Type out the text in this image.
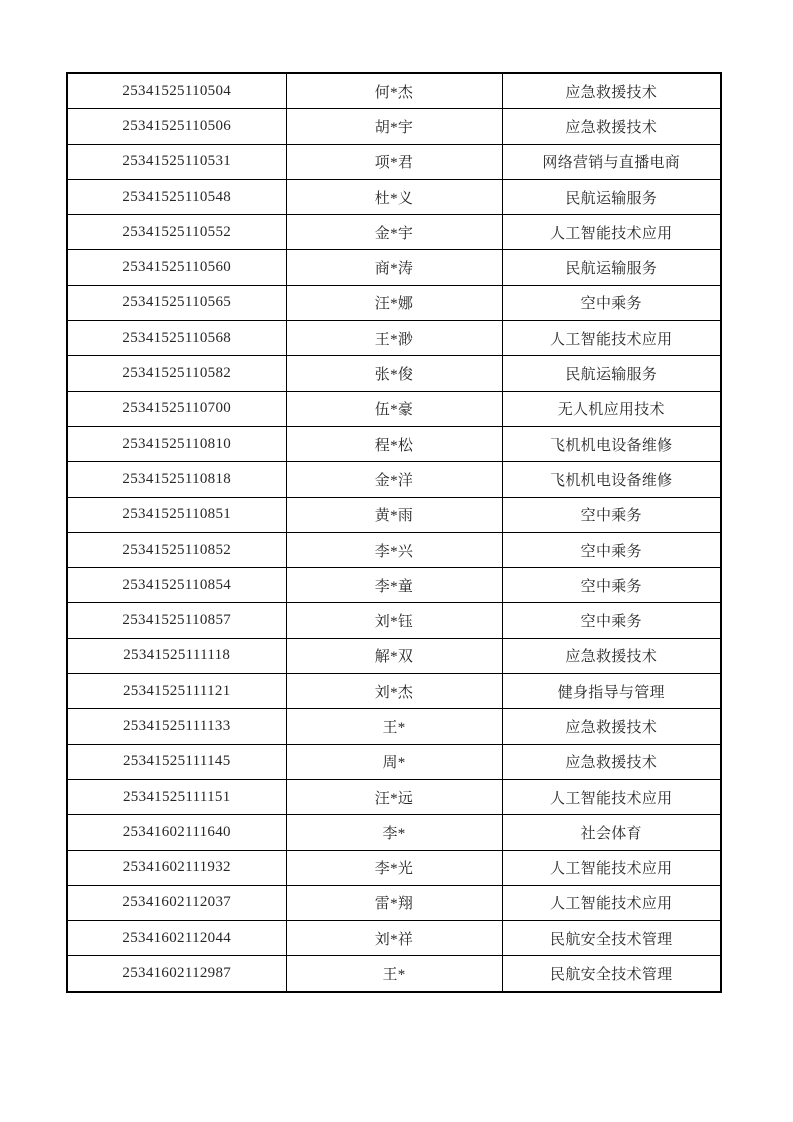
25341525110504	何*杰	应急救援技术
25341525110506	胡*宇	应急救援技术
25341525110531	项*君	网络营销与直播电商
25341525110548	杜*义	民航运输服务
25341525110552	金*宇	人工智能技术应用
25341525110560	商*涛	民航运输服务
25341525110565	汪*娜	空中乘务
25341525110568	王*渺	人工智能技术应用
25341525110582	张*俊	民航运输服务
25341525110700	伍*豪	无人机应用技术
25341525110810	程*松	飞机机电设备维修
25341525110818	金*洋	飞机机电设备维修
25341525110851	黄*雨	空中乘务
25341525110852	李*兴	空中乘务
25341525110854	李*童	空中乘务
25341525110857	刘*钰	空中乘务
25341525111118	解*双	应急救援技术
25341525111121	刘*杰	健身指导与管理
25341525111133	王*	应急救援技术
25341525111145	周*	应急救援技术
25341525111151	汪*远	人工智能技术应用
25341602111640	李*	社会体育
25341602111932	李*光	人工智能技术应用
25341602112037	雷*翔	人工智能技术应用
25341602112044	刘*祥	民航安全技术管理
25341602112987	王*	民航安全技术管理
